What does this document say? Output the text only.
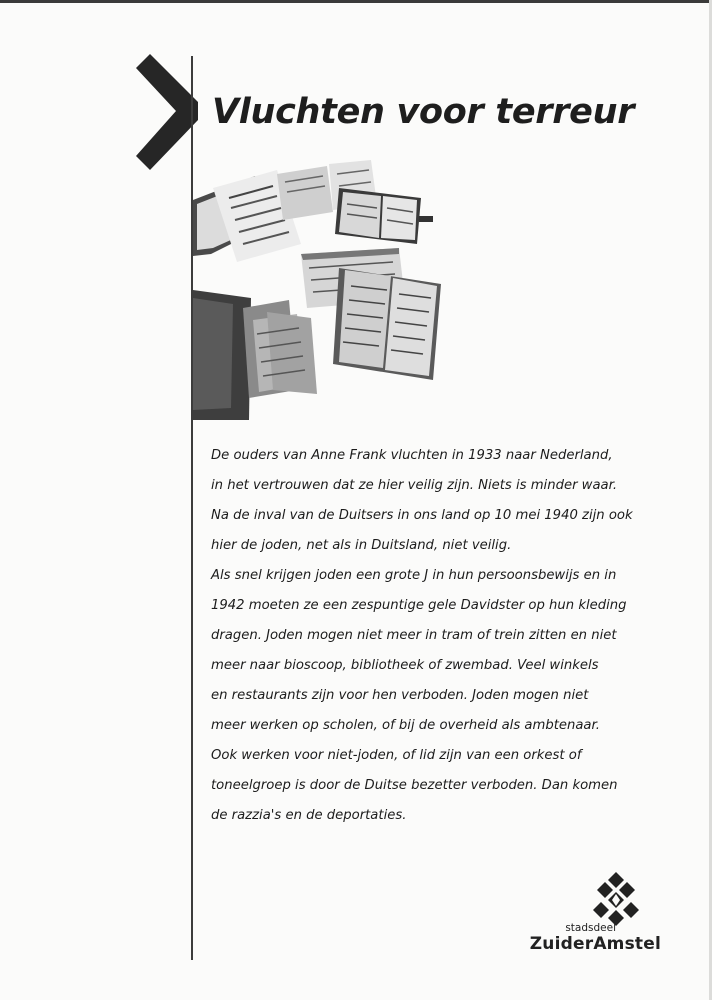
Vluchten voor terreur
De ouders van Anne Frank vluchten in 1933 naar Nederland,
in het vertrouwen dat ze hier veilig zijn. Niets is minder waar.
Na de inval van de Duitsers in ons land op 10 mei 1940 zijn ook
hier de joden, net als in Duitsland, niet veilig.
Als snel krijgen joden een grote J in hun persoonsbewijs en in
1942 moeten ze een zespuntige gele Davidster op hun kleding
dragen. Joden mogen niet meer in tram of trein zitten en niet
meer naar bioscoop, bibliotheek of zwembad. Veel winkels
en restaurants zijn voor hen verboden. Joden mogen niet
meer werken op scholen, of bij de overheid als ambtenaar.
Ook werken voor niet-joden, of lid zijn van een orkest of
toneelgroep is door de Duitse bezetter verboden. Dan komen
de razzia's en de deportaties.
stadsdeel
ZuiderAmstel
